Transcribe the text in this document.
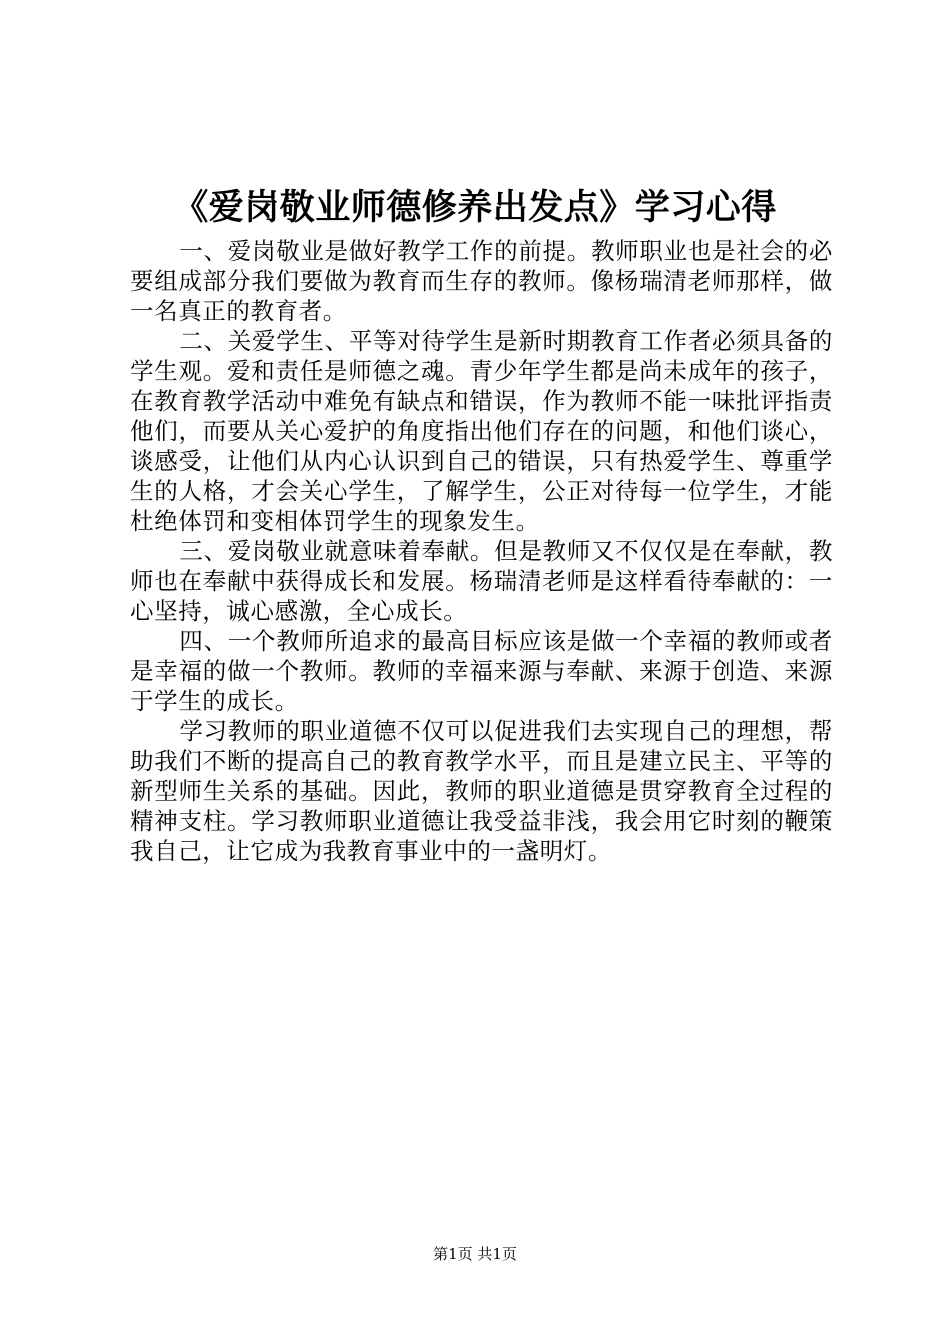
《爱岗敬业师德修养出发点》学习心得

一、爱岗敬业是做好教学工作的前提。教师职业也是社会的必要组成部分我们要做为教育而生存的教师。像杨瑞清老师那样，做一名真正的教育者。

二、关爱学生、平等对待学生是新时期教育工作者必须具备的学生观。爱和责任是师德之魂。青少年学生都是尚未成年的孩子，在教育教学活动中难免有缺点和错误，作为教师不能一味批评指责他们，而要从关心爱护的角度指出他们存在的问题，和他们谈心，谈感受，让他们从内心认识到自己的错误，只有热爱学生、尊重学生的人格，才会关心学生，了解学生，公正对待每一位学生，才能杜绝体罚和变相体罚学生的现象发生。

三、爱岗敬业就意味着奉献。但是教师又不仅仅是在奉献，教师也在奉献中获得成长和发展。杨瑞清老师是这样看待奉献的：一心坚持，诚心感激，全心成长。

四、一个教师所追求的最高目标应该是做一个幸福的教师或者是幸福的做一个教师。教师的幸福来源与奉献、来源于创造、来源于学生的成长。

学习教师的职业道德不仅可以促进我们去实现自己的理想，帮助我们不断的提高自己的教育教学水平，而且是建立民主、平等的新型师生关系的基础。因此，教师的职业道德是贯穿教育全过程的精神支柱。学习教师职业道德让我受益非浅，我会用它时刻的鞭策我自己，让它成为我教育事业中的一盏明灯。

第1页 共1页
